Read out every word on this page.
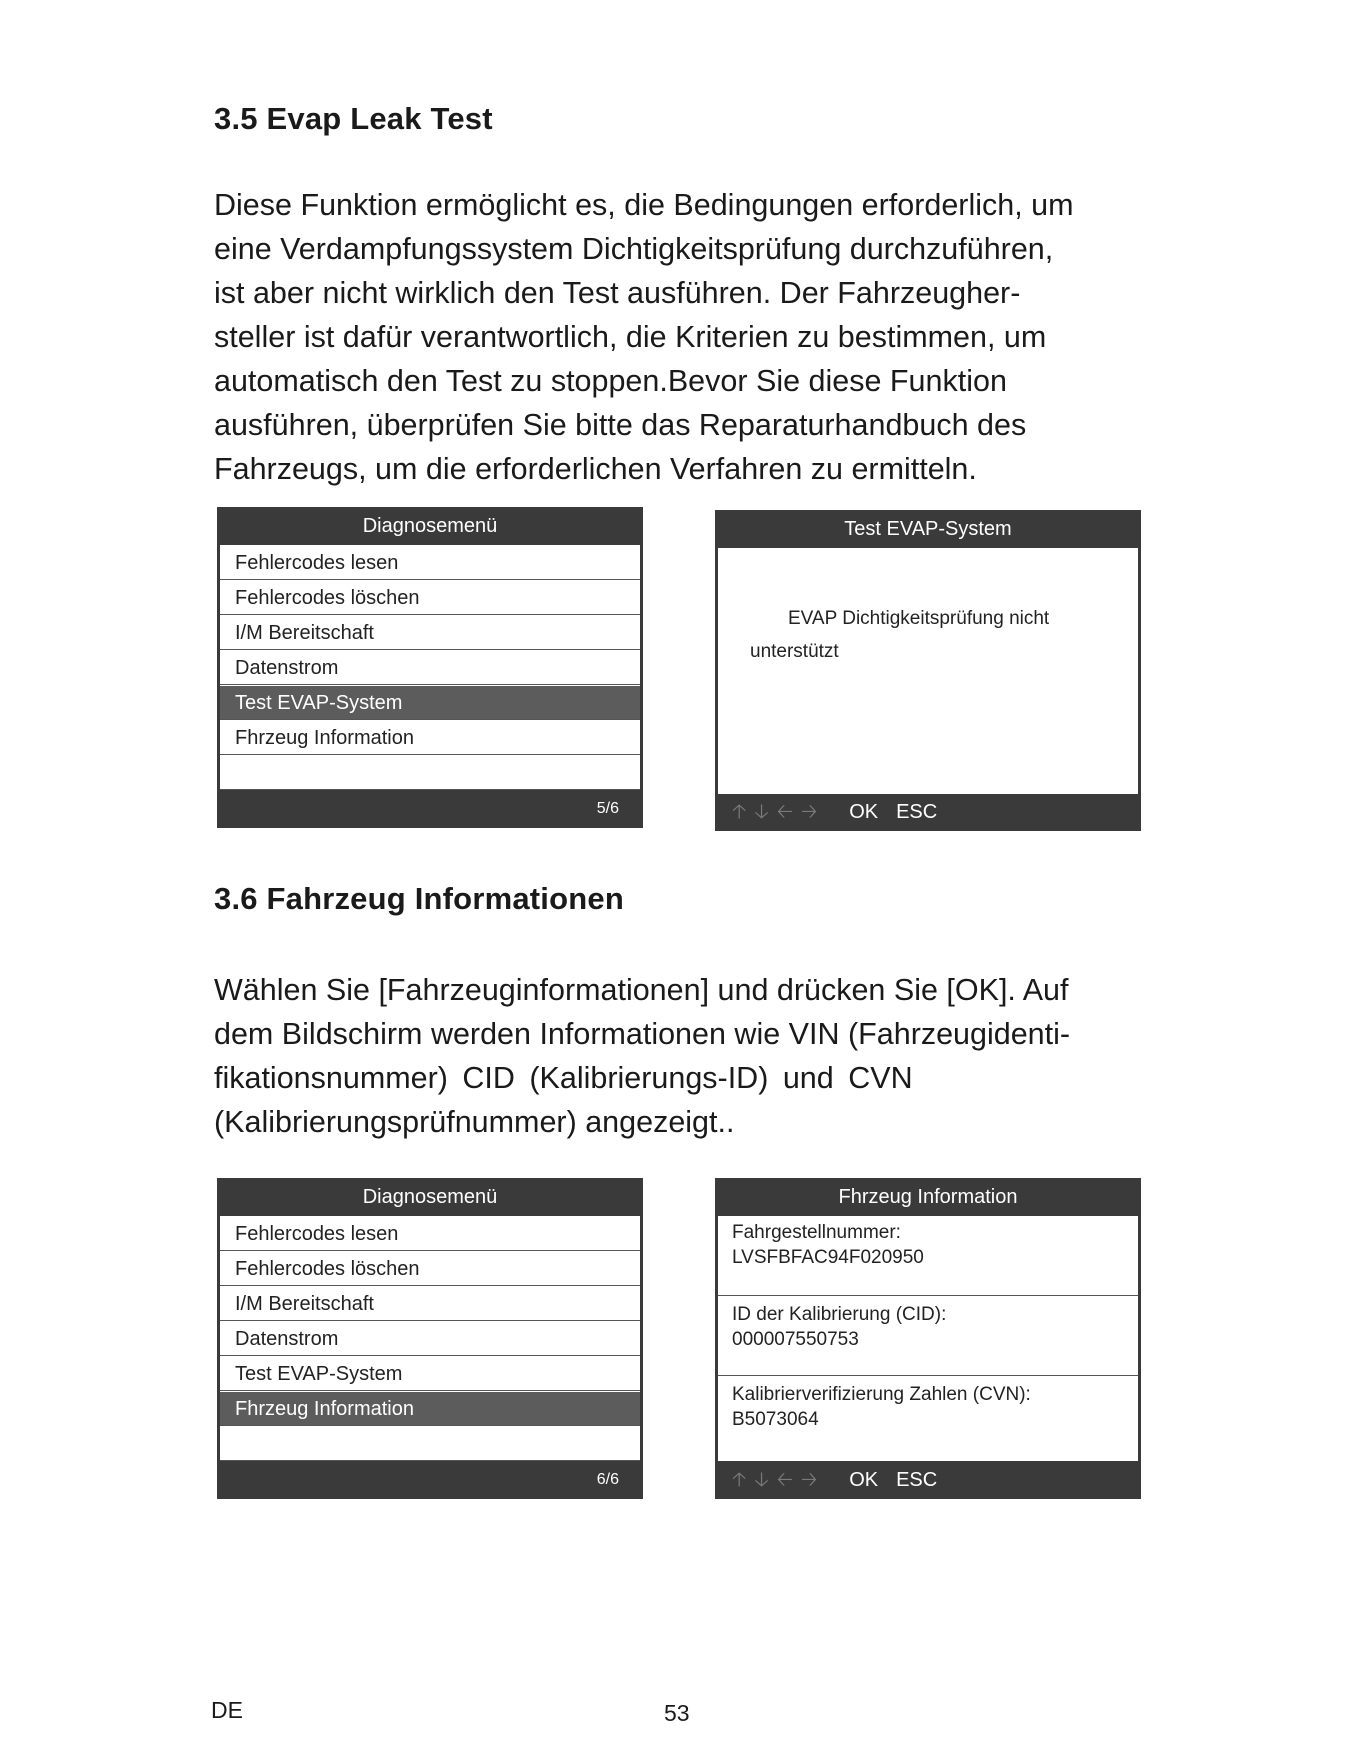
3.5 Evap Leak Test
Diese Funktion ermöglicht es, die Bedingungen erforderlich, um
eine Verdampfungssystem Dichtigkeitsprüfung durchzuführen,
ist aber nicht wirklich den Test ausführen. Der Fahrzeugher-
steller ist dafür verantwortlich, die Kriterien zu bestimmen, um
automatisch den Test zu stoppen.Bevor Sie diese Funktion
ausführen, überprüfen Sie bitte das Reparaturhandbuch des
Fahrzeugs, um die erforderlichen Verfahren zu ermitteln.
Diagnosemenü
Fehlercodes lesen
Fehlercodes löschen
I/M Bereitschaft
Datenstrom
Test EVAP-System
Fhrzeug Information
5/6
Test EVAP-System
EVAP Dichtigkeitsprüfung nicht unterstützt
🡡 🡣 🡠 🡢 OK ESC
3.6 Fahrzeug Informationen
Wählen Sie [Fahrzeuginformationen] und drücken Sie [OK]. Auf
dem Bildschirm werden Informationen wie VIN (Fahrzeugidenti-
fikationsnummer) CID (Kalibrierungs-ID) und CVN
(Kalibrierungsprüfnummer) angezeigt..
Diagnosemenü
Fehlercodes lesen
Fehlercodes löschen
I/M Bereitschaft
Datenstrom
Test EVAP-System
Fhrzeug Information
6/6
Fhrzeug Information
Fahrgestellnummer:
LVSFBFAC94F020950
ID der Kalibrierung (CID):
000007550753
Kalibrierverifizierung Zahlen (CVN):
B5073064
🡡 🡣 🡠 🡢 OK ESC
DE	53
